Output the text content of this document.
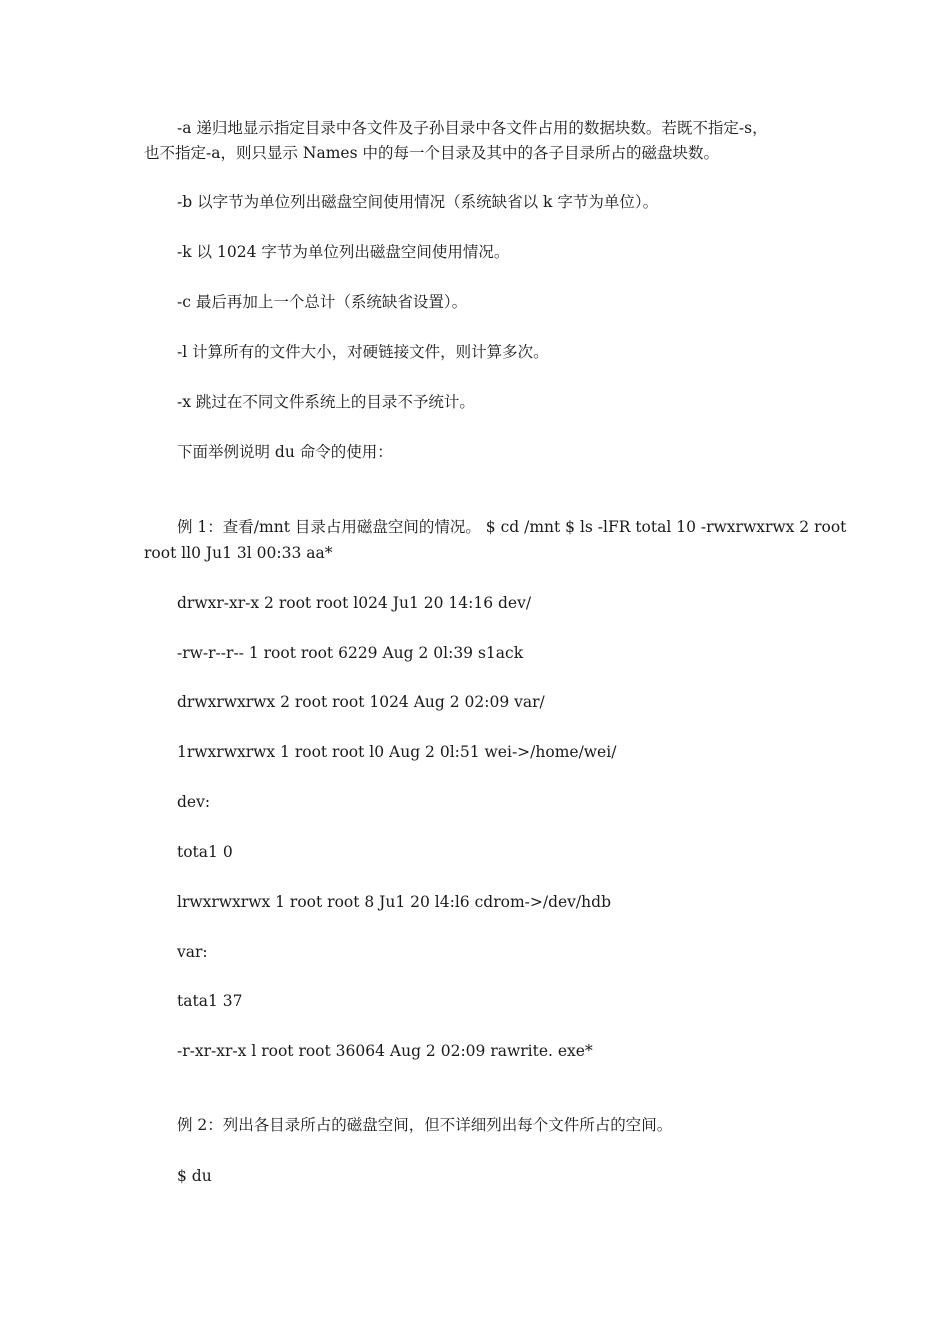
-a 递归地显示指定目录中各文件及子孙目录中各文件占用的数据块数。若既不指定-s，
也不指定-a，则只显示 Names 中的每一个目录及其中的各子目录所占的磁盘块数。
-b 以字节为单位列出磁盘空间使用情况（系统缺省以 k 字节为单位）。
-k 以 1024 字节为单位列出磁盘空间使用情况。
-c 最后再加上一个总计（系统缺省设置）。
-l 计算所有的文件大小，对硬链接文件，则计算多次。
-x 跳过在不同文件系统上的目录不予统计。
下面举例说明 du 命令的使用：
例 1：查看/mnt 目录占用磁盘空间的情况。 $ cd /mnt $ ls -lFR total 10 -rwxrwxrwx 2 root
root ll0 Ju1 3l 00:33 aa*
drwxr-xr-x 2 root root l024 Ju1 20 14:16 dev/
-rw-r--r-- 1 root root 6229 Aug 2 0l:39 s1ack
drwxrwxrwx 2 root root 1024 Aug 2 02:09 var/
1rwxrwxrwx 1 root root l0 Aug 2 0l:51 wei->/home/wei/
dev:
tota1 0
lrwxrwxrwx 1 root root 8 Ju1 20 l4:l6 cdrom->/dev/hdb
var:
tata1 37
-r-xr-xr-x l root root 36064 Aug 2 02:09 rawrite. exe*
例 2：列出各目录所占的磁盘空间，但不详细列出每个文件所占的空间。
$ du
